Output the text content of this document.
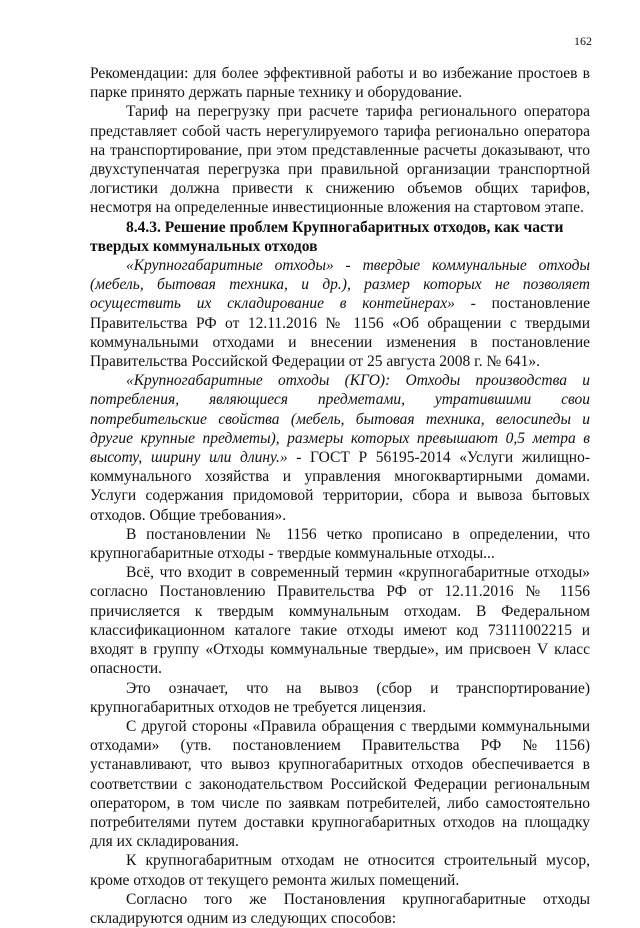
162

Рекомендации: для более эффективной работы и во избежание простоев в парке принято держать парные технику и оборудование.

Тариф на перегрузку при расчете тарифа регионального оператора представляет собой часть нерегулируемого тарифа регионально оператора на транспортирование, при этом представленные расчеты доказывают, что двухступенчатая перегрузка при правильной организации транспортной логистики должна привести к снижению объемов общих тарифов, несмотря на определенные инвестиционные вложения на стартовом этапе.

8.4.3. Решение проблем Крупногабаритных отходов, как части твердых коммунальных отходов

«Крупногабаритные отходы» - твердые коммунальные отходы (мебель, бытовая техника, и др.), размер которых не позволяет осуществить их складирование в контейнерах» - постановление Правительства РФ от 12.11.2016 № 1156 «Об обращении с твердыми коммунальными отходами и внесении изменения в постановление Правительства Российской Федерации от 25 августа 2008 г. № 641».

«Крупногабаритные отходы (КГО): Отходы производства и потребления, являющиеся предметами, утратившими свои потребительские свойства (мебель, бытовая техника, велосипеды и другие крупные предметы), размеры которых превышают 0,5 метра в высоту, ширину или длину.» - ГОСТ Р 56195-2014 «Услуги жилищно-коммунального хозяйства и управления многоквартирными домами. Услуги содержания придомовой территории, сбора и вывоза бытовых отходов. Общие требования».

В постановлении № 1156 четко прописано в определении, что крупногабаритные отходы - твердые коммунальные отходы...

Всё, что входит в современный термин «крупногабаритные отходы» согласно Постановлению Правительства РФ от 12.11.2016 № 1156 причисляется к твердым коммунальным отходам. В Федеральном классификационном каталоге такие отходы имеют код 73111002215 и входят в группу «Отходы коммунальные твердые», им присвоен V класс опасности.

Это означает, что на вывоз (сбор и транспортирование) крупногабаритных отходов не требуется лицензия.

С другой стороны «Правила обращения с твердыми коммунальными отходами» (утв. постановлением Правительства РФ №1156) устанавливают, что вывоз крупногабаритных отходов обеспечивается в соответствии с законодательством Российской Федерации региональным оператором, в том числе по заявкам потребителей, либо самостоятельно потребителями путем доставки крупногабаритных отходов на площадку для их складирования.

К крупногабаритным отходам не относится строительный мусор, кроме отходов от текущего ремонта жилых помещений.

Согласно того же Постановления крупногабаритные отходы складируются одним из следующих способов:
